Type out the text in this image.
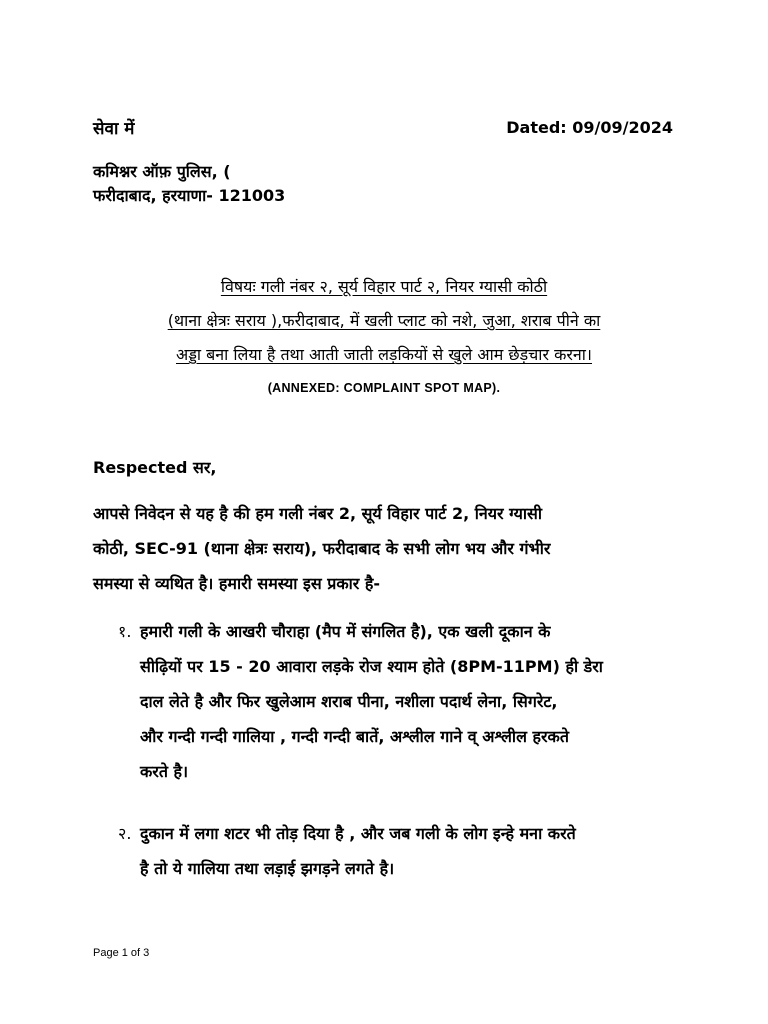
सेवा में	Dated: 09/09/2024
कमिश्नर ऑफ़ पुलिस, (
फरीदाबाद, हरयाणा- 121003
विषयः गली नंबर २, सूर्य विहार पार्ट २, नियर ग्यासी कोठी
(थाना क्षेत्रः सराय ),फरीदाबाद, में खली प्लाट को नशे, जुआ, शराब पीने का
अड्डा बना लिया है तथा आती जाती लड़कियों से खुले आम छेड़चार करना।
(ANNEXED: COMPLAINT SPOT MAP).
Respected सर,
आपसे निवेदन से यह है की हम गली नंबर 2, सूर्य विहार पार्ट 2, नियर ग्यासी
कोठी, SEC-91 (थाना क्षेत्रः सराय), फरीदाबाद के सभी लोग भय और गंभीर
समस्या से व्यथित है। हमारी समस्या इस प्रकार है-
१. हमारी गली के आखरी चौराहा (मैप में संगलित है), एक खली दूकान के
सीढ़ियों पर 15 - 20 आवारा लड़के रोज श्याम होते (8PM-11PM) ही डेरा
दाल लेते है और फिर खुलेआम शराब पीना, नशीला पदार्थ लेना, सिगरेट,
और गन्दी गन्दी गालिया , गन्दी गन्दी बातें, अश्लील गाने व् अश्लील हरकते
करते है।
२. दुकान में लगा शटर भी तोड़ दिया है , और जब गली के लोग इन्हे मना करते
है तो ये गालिया तथा लड़ाई झगड़ने लगते है।
Page 1 of 3
